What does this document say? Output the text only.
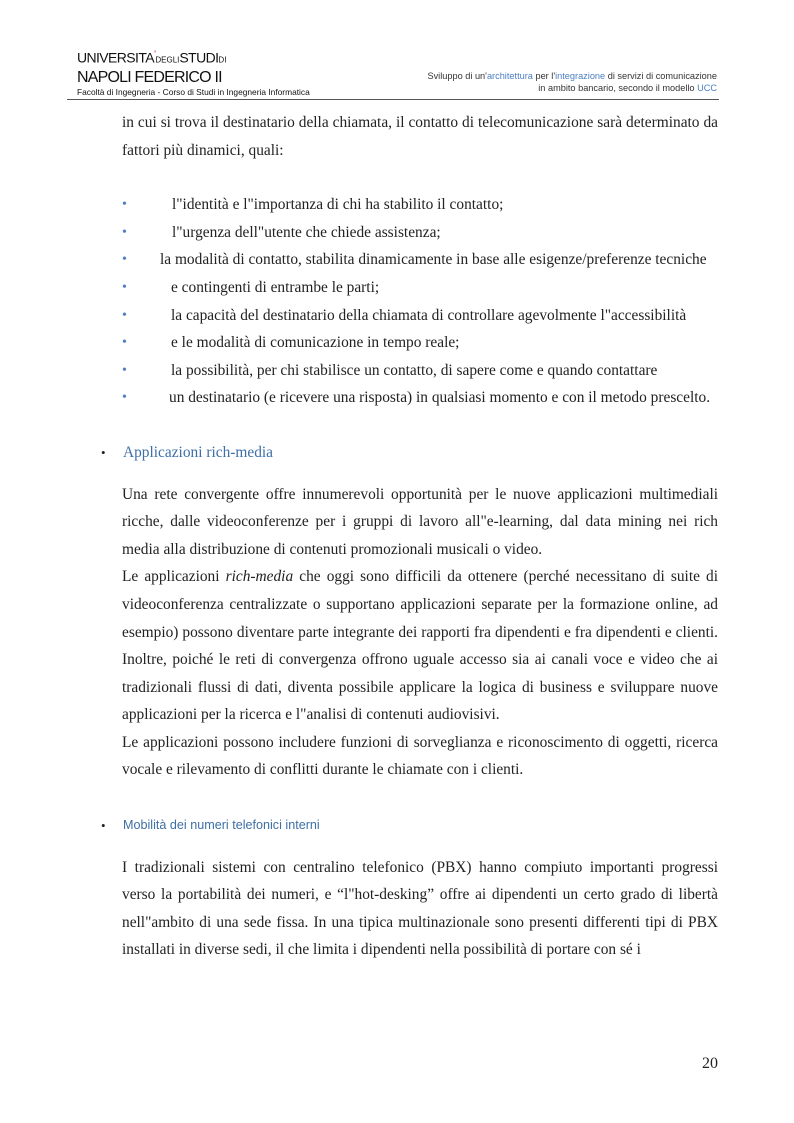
UNIVERSITA’DEGLISTUDIDI
NAPOLI FEDERICO II
Facoltà di Ingegneria - Corso di Studi in Ingegneria Informatica
Sviluppo di un'architettura per l'integrazione di servizi di comunicazione
in ambito bancario, secondo il modello UCC

in cui si trova il destinatario della chiamata, il contatto di telecomunicazione sarà determinato da fattori più dinamici, quali:

•	l"identità e l"importanza di chi ha stabilito il contatto;
•	l"urgenza dell"utente che chiede assistenza;
•	la modalità di contatto, stabilita dinamicamente in base alle esigenze/preferenze tecniche
•	e contingenti di entrambe le parti;
•	la capacità del destinatario della chiamata di controllare agevolmente l"accessibilità
•	e le modalità di comunicazione in tempo reale;
•	la possibilità, per chi stabilisce un contatto, di sapere come e quando contattare
•	un destinatario (e ricevere una risposta) in qualsiasi momento e con il metodo prescelto.
• Applicazioni rich-media

Una rete convergente offre innumerevoli opportunità per le nuove applicazioni multimediali ricche, dalle videoconferenze per i gruppi di lavoro all"e-learning, dal data mining nei rich media alla distribuzione di contenuti promozionali musicali o video.

Le applicazioni rich-media che oggi sono difficili da ottenere (perché necessitano di suite di videoconferenza centralizzate o supportano applicazioni separate per la formazione online, ad esempio) possono diventare parte integrante dei rapporti fra dipendenti e fra dipendenti e clienti. Inoltre, poiché le reti di convergenza offrono uguale accesso sia ai canali voce e video che ai tradizionali flussi di dati, diventa possibile applicare la logica di business e sviluppare nuove applicazioni per la ricerca e l"analisi di contenuti audiovisivi.

Le applicazioni possono includere funzioni di sorveglianza e riconoscimento di oggetti, ricerca vocale e rilevamento di conflitti durante le chiamate con i clienti.

• Mobilità dei numeri telefonici interni

I tradizionali sistemi con centralino telefonico (PBX) hanno compiuto importanti progressi verso la portabilità dei numeri, e “l"hot-desking” offre ai dipendenti un certo grado di libertà nell"ambito di una sede fissa. In una tipica multinazionale sono presenti differenti tipi di PBX installati in diverse sedi, il che limita i dipendenti nella possibilità di portare con sé i

20
